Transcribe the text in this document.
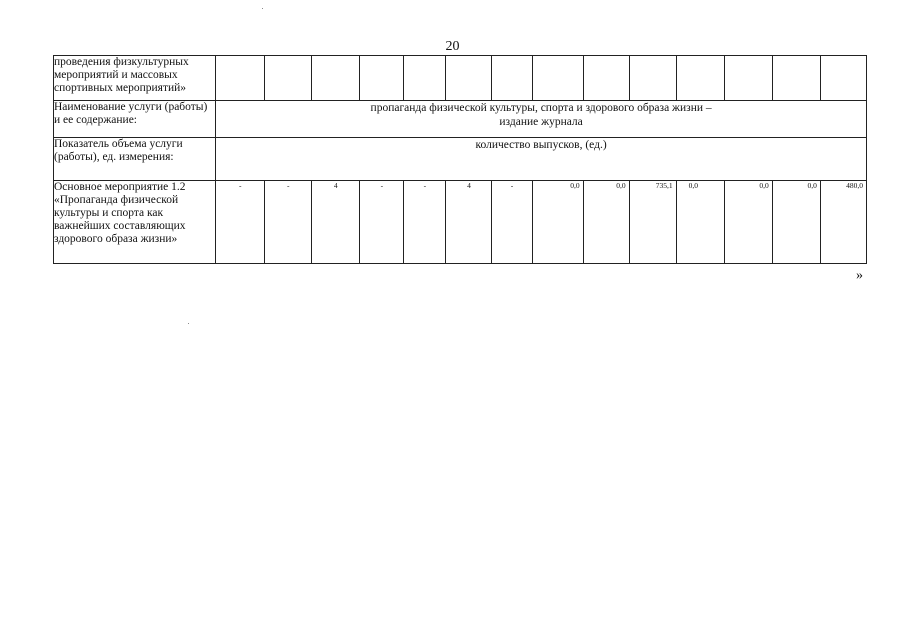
20
проведения физкультурных мероприятий и массовых спортивных мероприятий»														
Наименование услуги (работы) и ее содержание:	пропаганда физической культуры, спорта и здорового образа жизни –
издание журнала													

Показатель объема услуги (работы), ед. измерения:	количество выпусков, (ед.)													
Основное мероприятие 1.2 «Пропаганда физической культуры и спорта как важнейших составляющих здорового образа жизни»	-	-	4	-	-	4	-	0,0	0,0	735,1	0,0	0,0	0,0	480,0
»
